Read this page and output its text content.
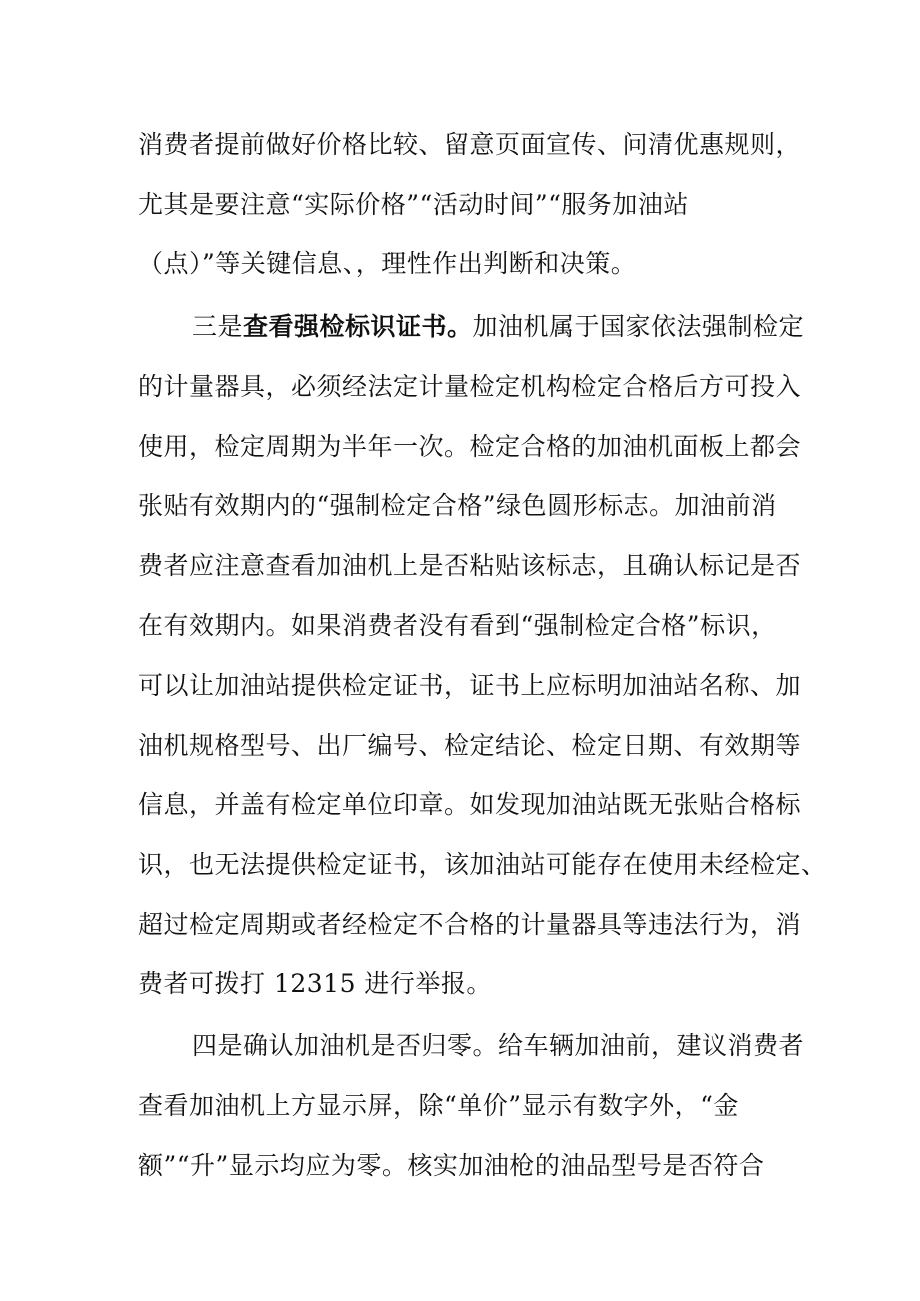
消费者提前做好价格比较、留意页面宣传、问清优惠规则，
尤其是要注意“实际价格”“活动时间”“服务加油站
（点）”等关键信息、，理性作出判断和决策。
三是查看强检标识证书。加油机属于国家依法强制检定
的计量器具，必须经法定计量检定机构检定合格后方可投入
使用，检定周期为半年一次。检定合格的加油机面板上都会
张贴有效期内的“强制检定合格”绿色圆形标志。加油前消
费者应注意查看加油机上是否粘贴该标志，且确认标记是否
在有效期内。如果消费者没有看到“强制检定合格”标识，
可以让加油站提供检定证书，证书上应标明加油站名称、加
油机规格型号、出厂编号、检定结论、检定日期、有效期等
信息，并盖有检定单位印章。如发现加油站既无张贴合格标
识，也无法提供检定证书，该加油站可能存在使用未经检定、
超过检定周期或者经检定不合格的计量器具等违法行为，消
费者可拨打 12315 进行举报。
四是确认加油机是否归零。给车辆加油前，建议消费者
查看加油机上方显示屏，除“单价”显示有数字外，“金
额”“升”显示均应为零。核实加油枪的油品型号是否符合
